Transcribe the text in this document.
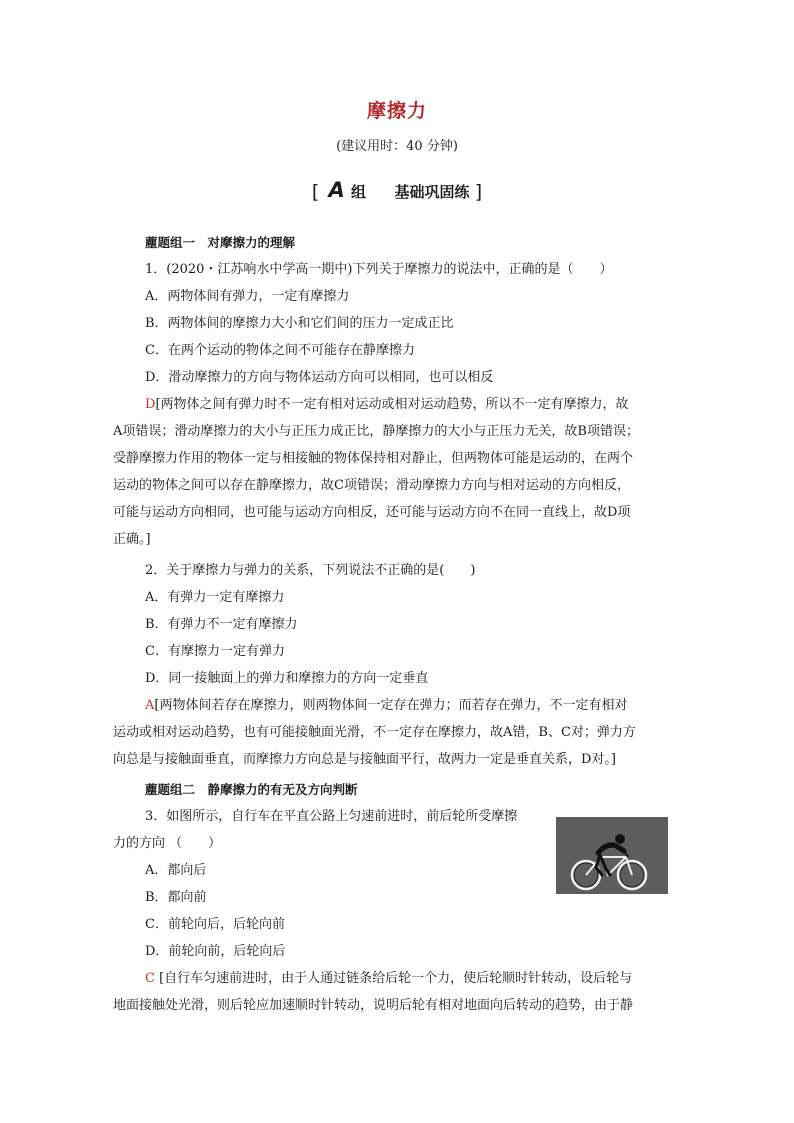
摩擦力
(建议用时：40 分钟)
[ A 组 基础巩固练 ]
薼题组一　对摩擦力的理解
1．(2020・江苏响水中学高一期中)下列关于摩擦力的说法中，正确的是（　　）
A．两物体间有弹力，一定有摩擦力
B．两物体间的摩擦力大小和它们间的压力一定成正比
C．在两个运动的物体之间不可能存在静摩擦力
D．滑动摩擦力的方向与物体运动方向可以相同，也可以相反
D[两物体之间有弹力时不一定有相对运动或相对运动趋势，所以不一定有摩擦力，故
A项错误；滑动摩擦力的大小与正压力成正比，静摩擦力的大小与正压力无关，故B项错误；
受静摩擦力作用的物体一定与相接触的物体保持相对静止，但两物体可能是运动的，在两个
运动的物体之间可以存在静摩擦力，故C项错误；滑动摩擦力方向与相对运动的方向相反，
可能与运动方向相同，也可能与运动方向相反，还可能与运动方向不在同一直线上，故D项
正确。]
2．关于摩擦力与弹力的关系，下列说法不正确的是(　　)
A．有弹力一定有摩擦力
B．有弹力不一定有摩擦力
C．有摩擦力一定有弹力
D．同一接触面上的弹力和摩擦力的方向一定垂直
A[两物体间若存在摩擦力，则两物体间一定存在弹力；而若存在弹力，不一定有相对
运动或相对运动趋势，也有可能接触面光滑，不一定存在摩擦力，故A错，B、C对；弹力方
向总是与接触面垂直，而摩擦力方向总是与接触面平行，故两力一定是垂直关系，D对。]
薼题组二　静摩擦力的有无及方向判断
3．如图所示，自行车在平直公路上匀速前进时，前后轮所受摩擦
力的方向 （　　）
A．都向后
B．都向前
C．前轮向后，后轮向前
D．前轮向前，后轮向后
C [自行车匀速前进时，由于人通过链条给后轮一个力，使后轮顺时针转动，设后轮与
地面接触处光滑，则后轮应加速顺时针转动，说明后轮有相对地面向后转动的趋势，由于静
